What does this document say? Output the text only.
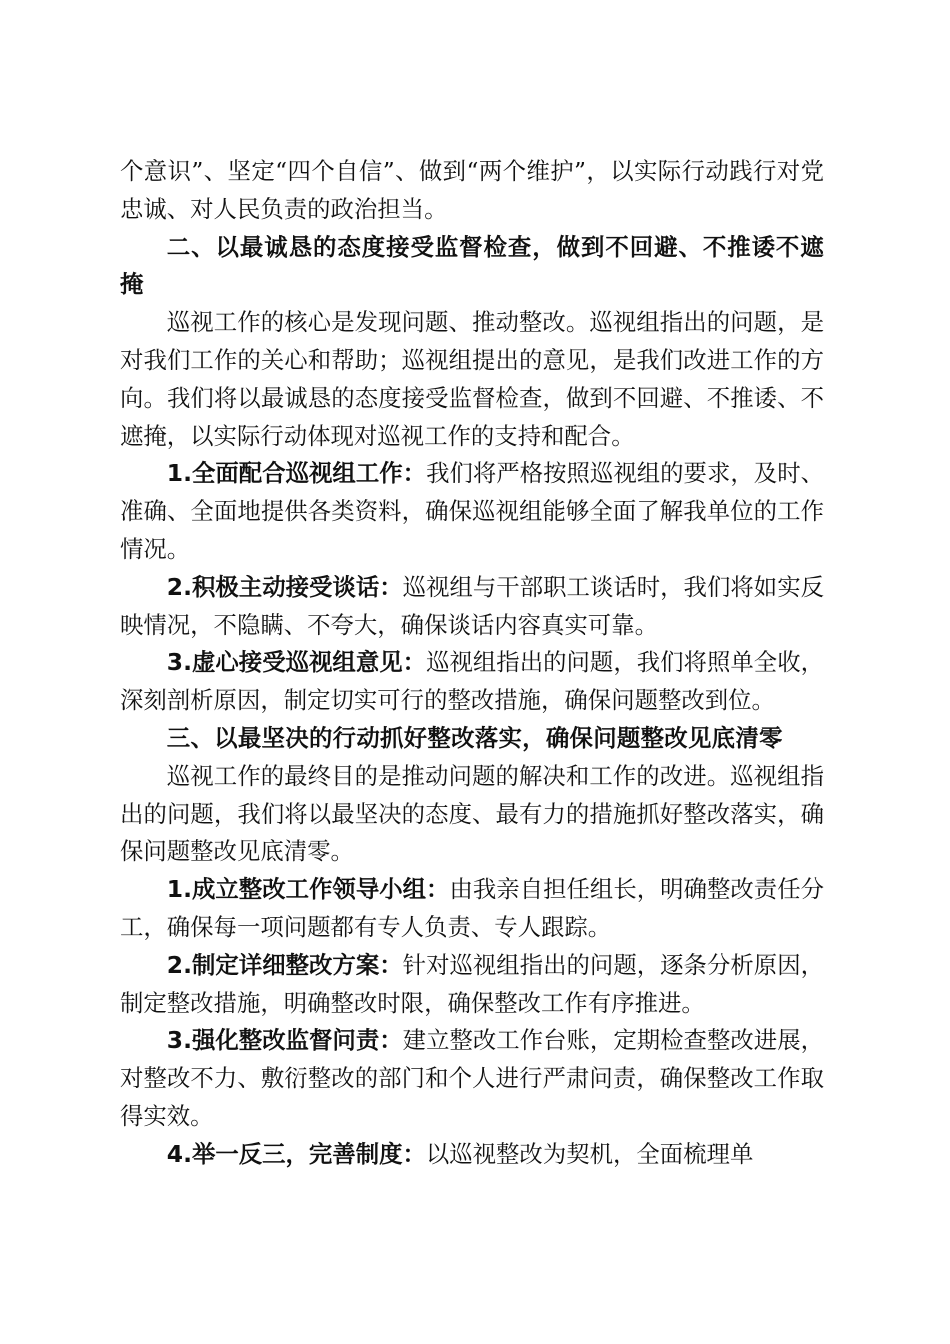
个意识”、坚定“四个自信”、做到“两个维护”，以实际行动践行对党忠诚、对人民负责的政治担当。

二、以最诚恳的态度接受监督检查，做到不回避、不推诿不遮掩

巡视工作的核心是发现问题、推动整改。巡视组指出的问题，是对我们工作的关心和帮助；巡视组提出的意见，是我们改进工作的方向。我们将以最诚恳的态度接受监督检查，做到不回避、不推诿、不遮掩，以实际行动体现对巡视工作的支持和配合。

1.全面配合巡视组工作：我们将严格按照巡视组的要求，及时、准确、全面地提供各类资料，确保巡视组能够全面了解我单位的工作情况。

2.积极主动接受谈话：巡视组与干部职工谈话时，我们将如实反映情况，不隐瞒、不夸大，确保谈话内容真实可靠。

3.虚心接受巡视组意见：巡视组指出的问题，我们将照单全收，深刻剖析原因，制定切实可行的整改措施，确保问题整改到位。

三、以最坚决的行动抓好整改落实，确保问题整改见底清零

巡视工作的最终目的是推动问题的解决和工作的改进。巡视组指出的问题，我们将以最坚决的态度、最有力的措施抓好整改落实，确保问题整改见底清零。

1.成立整改工作领导小组：由我亲自担任组长，明确整改责任分工，确保每一项问题都有专人负责、专人跟踪。

2.制定详细整改方案：针对巡视组指出的问题，逐条分析原因，制定整改措施，明确整改时限，确保整改工作有序推进。

3.强化整改监督问责：建立整改工作台账，定期检查整改进展，对整改不力、敷衍整改的部门和个人进行严肃问责，确保整改工作取得实效。

4.举一反三，完善制度：以巡视整改为契机，全面梳理单
